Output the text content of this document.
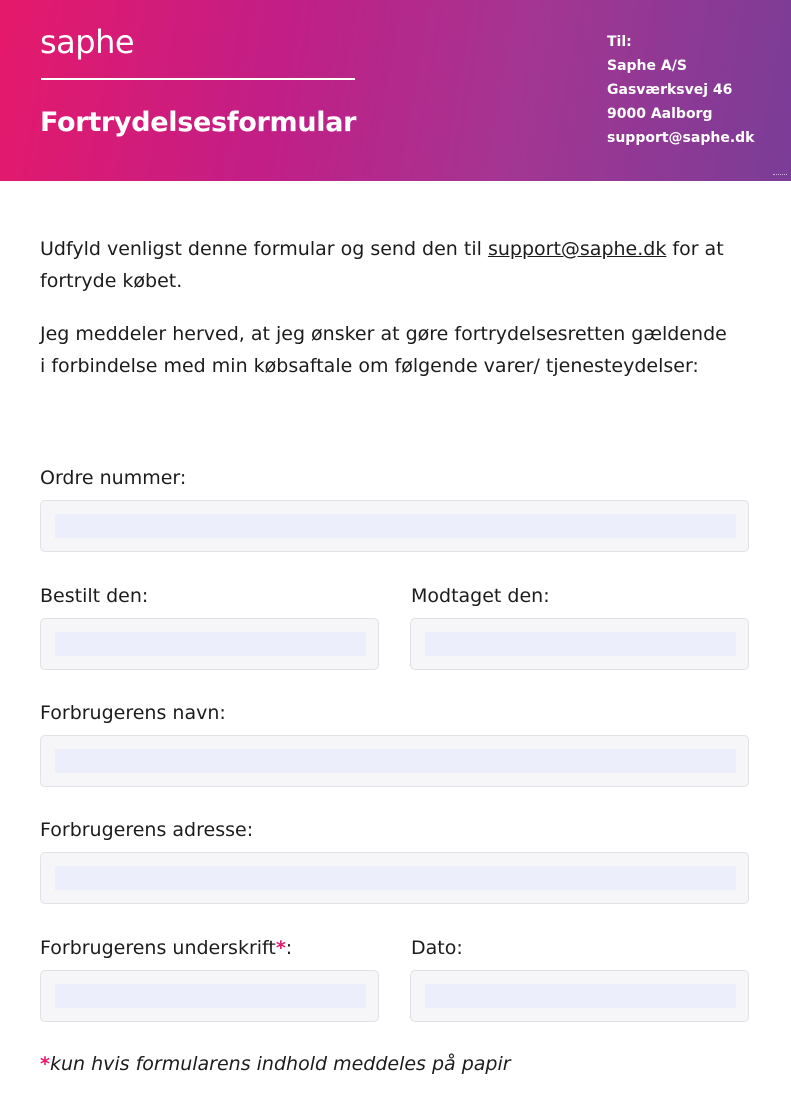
saphe
Fortrydelsesformular
Til:
Saphe A/S
Gasværksvej 46
9000 Aalborg
support@saphe.dk

Udfyld venligst denne formular og send den til support@saphe.dk for at fortryde købet.

Jeg meddeler herved, at jeg ønsker at gøre fortrydelsesretten gældende i forbindelse med min købsaftale om følgende varer/ tjenesteydelser:

Ordre nummer:
Bestilt den:	Modtaget den:
Forbrugerens navn:
Forbrugerens adresse:
Forbrugerens underskrift*:	Dato:
*kun hvis formularens indhold meddeles på papir
